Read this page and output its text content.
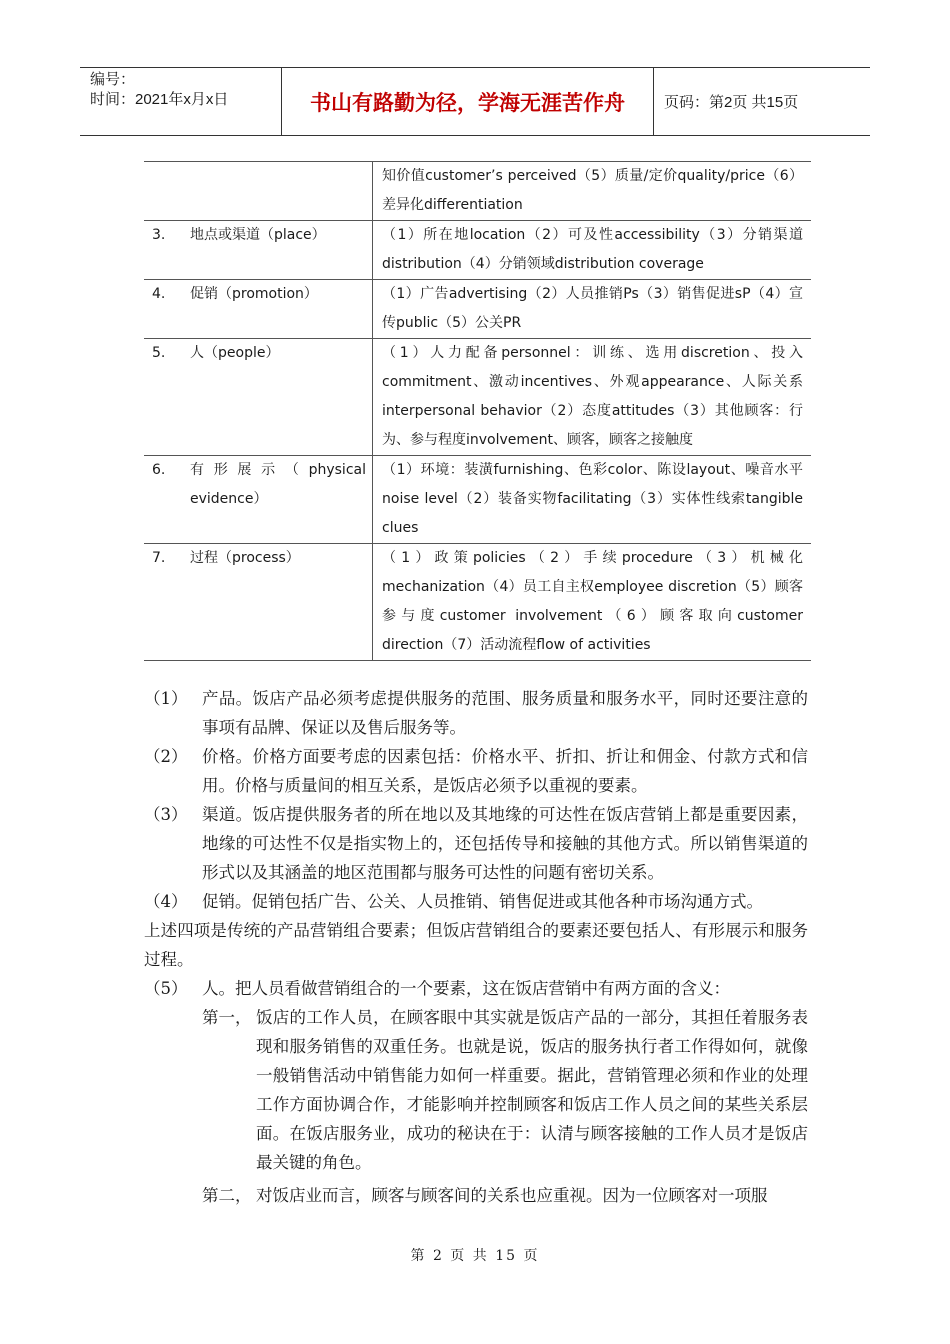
编号：
时间：2021年x月x日	书山有路勤为径，学海无涯苦作舟	页码：第2页 共15页
		知价值customer’s perceived（5）质量/定价quality/price（6）差异化differentiation
3.	地点或渠道（place）	（1）所在地location（2）可及性accessibility（3）分销渠道distribution（4）分销领域distribution coverage
4.	促销（promotion）	（1）广告advertising（2）人员推销Ps（3）销售促进sP（4）宣传public（5）公关PR
5.	人（people）	（1）人力配备personnel：训练、选用discretion、投入commitment、激动incentives、外观appearance、人际关系interpersonal behavior（2）态度attitudes（3）其他顾客：行为、参与程度involvement、顾客，顾客之接触度
6.	有形展示（physical evidence）	（1）环境：装潢furnishing、色彩color、陈设layout、噪音水平noise level（2）装备实物facilitating（3）实体性线索tangible clues
7.	过程（process）	（1）政策policies（2）手续procedure（3）机械化mechanization（4）员工自主权employee discretion（5）顾客参与度customer involvement（6）顾客取向customer direction（7）活动流程flow of activities
（1） 产品。饭店产品必须考虑提供服务的范围、服务质量和服务水平，同时还要注意的事项有品牌、保证以及售后服务等。
（2） 价格。价格方面要考虑的因素包括：价格水平、折扣、折让和佣金、付款方式和信用。价格与质量间的相互关系，是饭店必须予以重视的要素。
（3） 渠道。饭店提供服务者的所在地以及其地缘的可达性在饭店营销上都是重要因素，地缘的可达性不仅是指实物上的，还包括传导和接触的其他方式。所以销售渠道的形式以及其涵盖的地区范围都与服务可达性的问题有密切关系。
（4） 促销。促销包括广告、公关、人员推销、销售促进或其他各种市场沟通方式。
上述四项是传统的产品营销组合要素；但饭店营销组合的要素还要包括人、有形展示和服务过程。
（5） 人。把人员看做营销组合的一个要素，这在饭店营销中有两方面的含义：
第一， 饭店的工作人员，在顾客眼中其实就是饭店产品的一部分，其担任着服务表现和服务销售的双重任务。也就是说，饭店的服务执行者工作得如何，就像一般销售活动中销售能力如何一样重要。据此，营销管理必须和作业的处理工作方面协调合作，才能影响并控制顾客和饭店工作人员之间的某些关系层面。在饭店服务业，成功的秘诀在于：认清与顾客接触的工作人员才是饭店最关键的角色。
第二， 对饭店业而言，顾客与顾客间的关系也应重视。因为一位顾客对一项服
第 2 页 共 15 页
